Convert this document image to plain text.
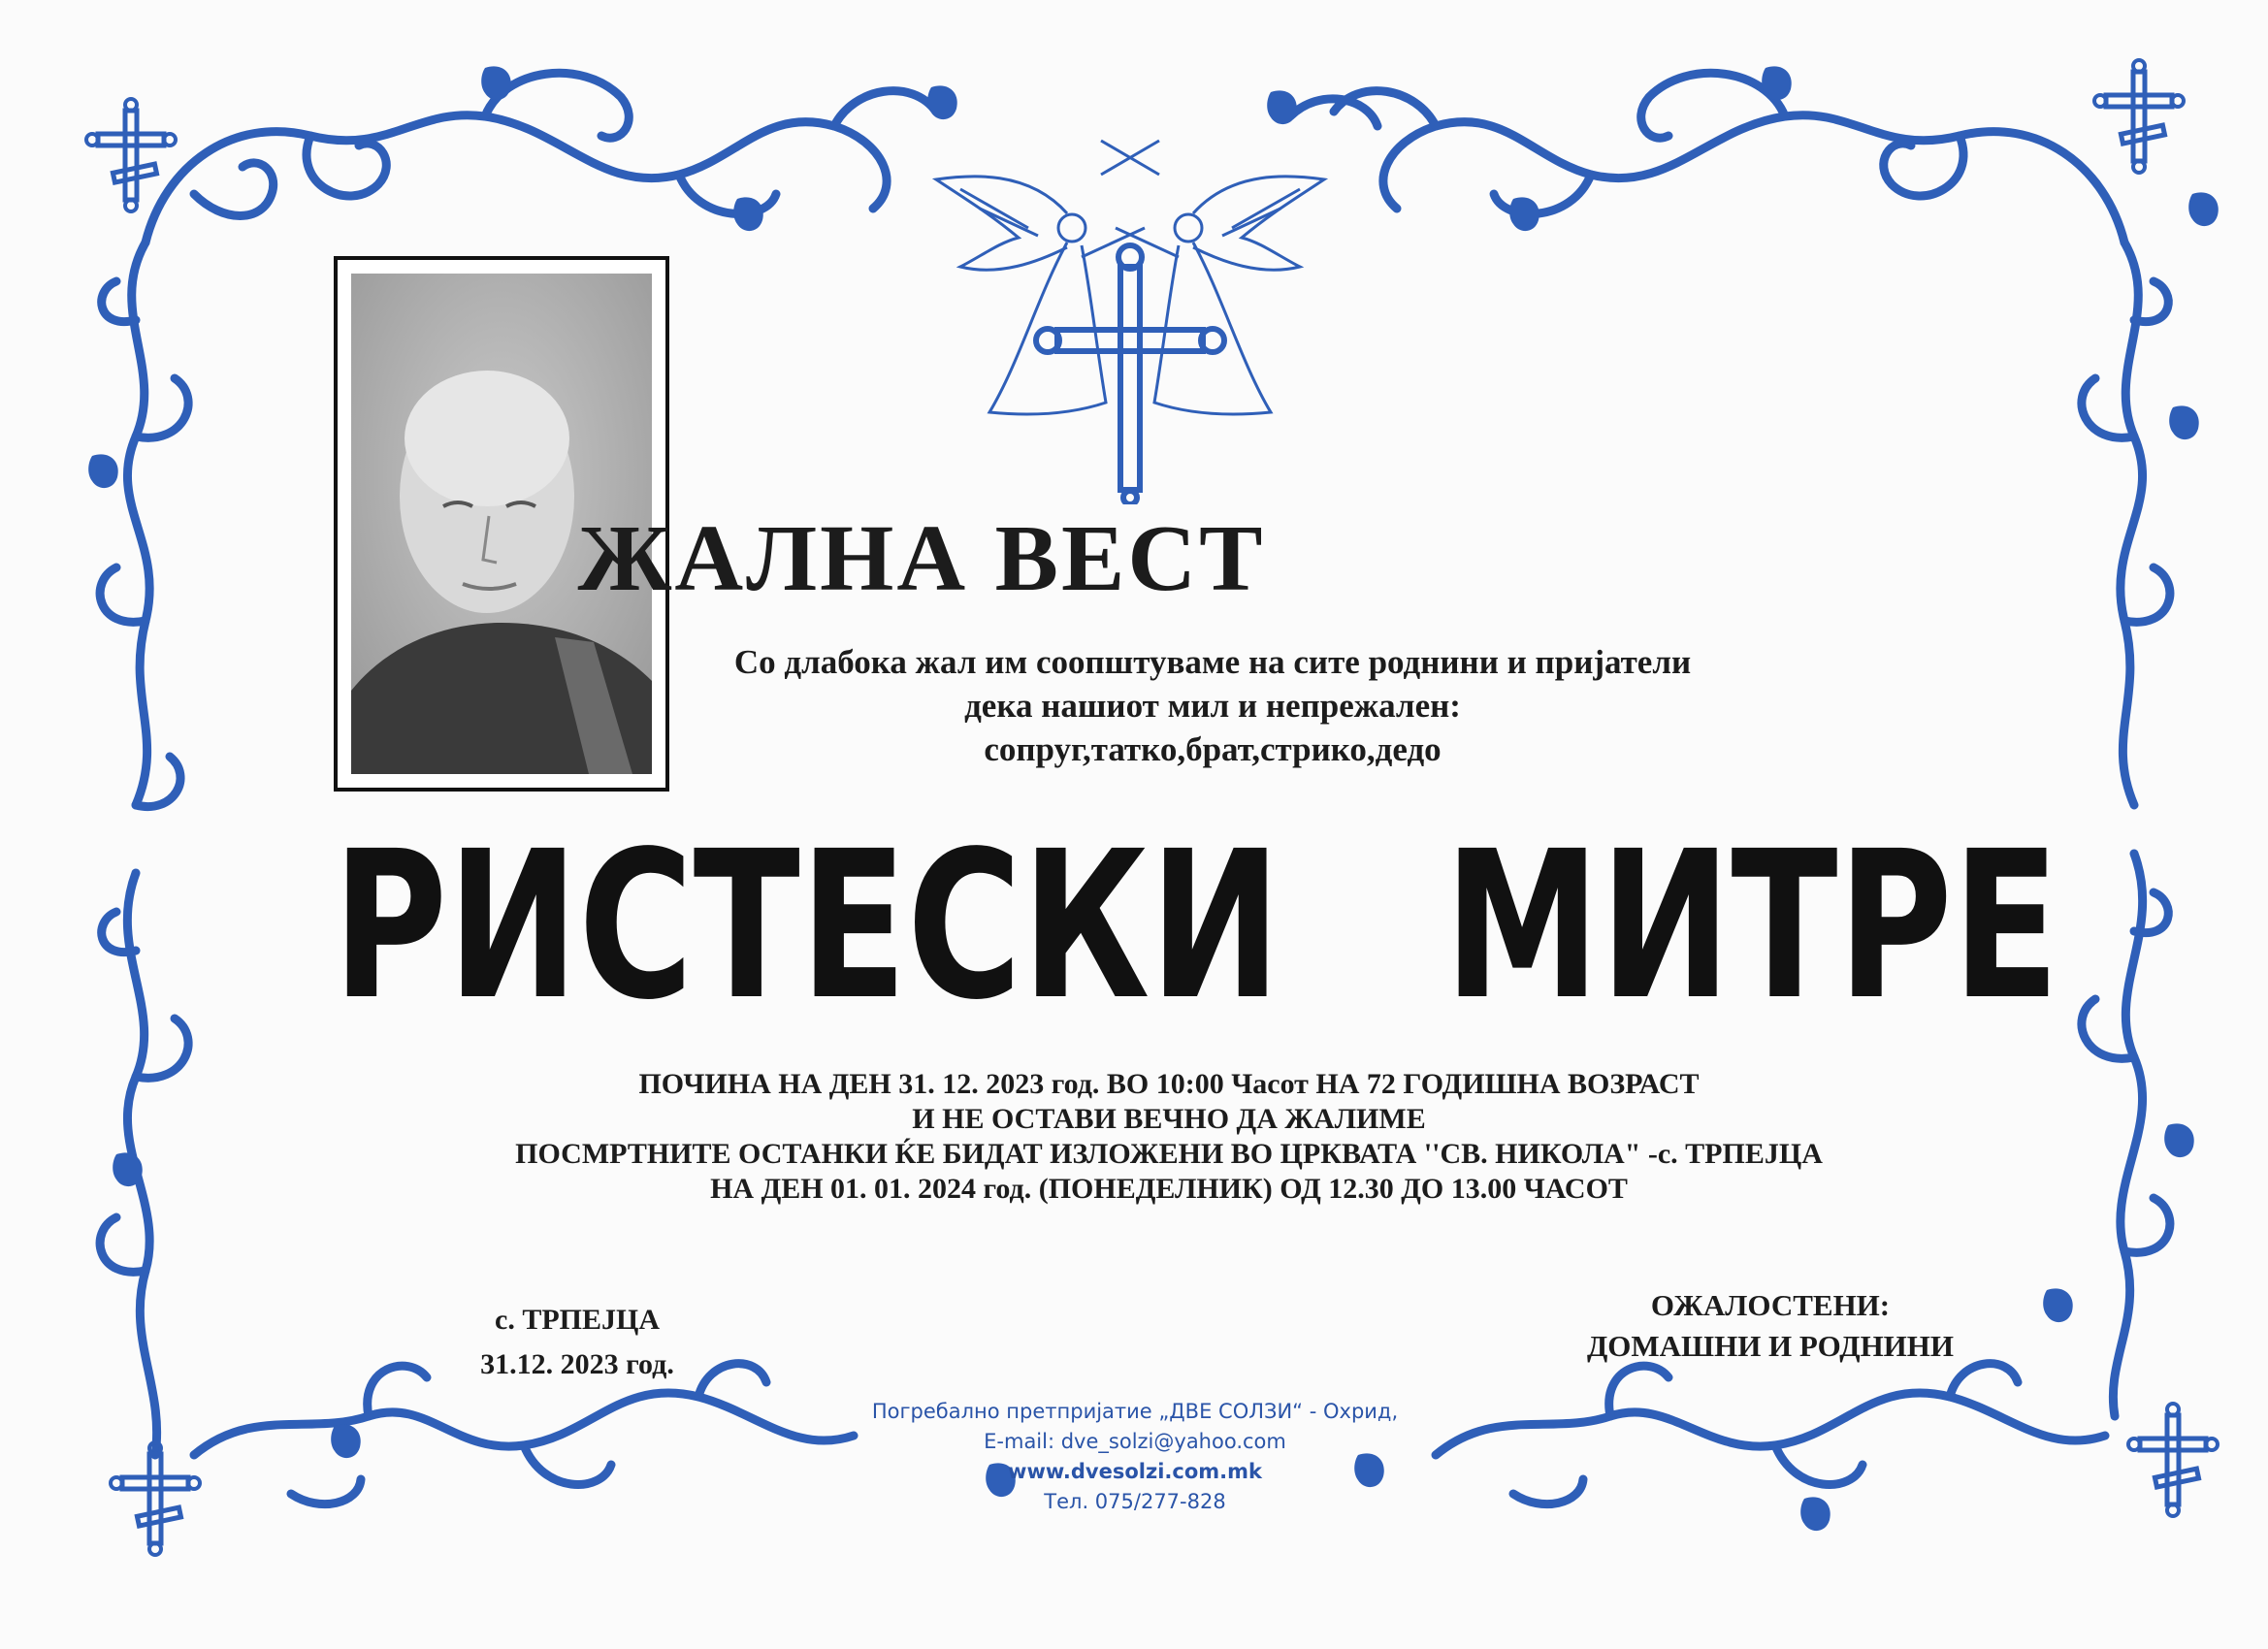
ЖАЛНА ВЕСТ
Со длабока жал им соопштуваме на сите роднини и пријатели
дека нашиот мил и непрежален:
сопруг,татко,брат,стрико,дедо
РИСТЕСКИ   МИТРЕ
ПОЧИНА НА ДЕН 31. 12. 2023 год. ВО 10:00 Часот НА 72 ГОДИШНА ВОЗРАСТ
И НЕ ОСТАВИ ВЕЧНО ДА ЖАЛИМЕ
ПОСМРТНИТЕ ОСТАНКИ ЌЕ БИДАТ ИЗЛОЖЕНИ ВО ЦРКВАТА ''СВ. НИКОЛА" -с. ТРПЕЈЦА
НА ДЕН 01. 01. 2024 год. (ПОНЕДЕЛНИК) ОД 12.30 ДО 13.00 ЧАСОТ
с. ТРПЕЈЦА
31.12. 2023 год.
ОЖАЛОСТЕНИ:
ДОМАШНИ И РОДНИНИ
Погребално претпријатие „ДВЕ СОЛЗИ“ - Охрид,
E-mail: dve_solzi@yahoo.com
www.dvesolzi.com.mk
Тел. 075/277-828
